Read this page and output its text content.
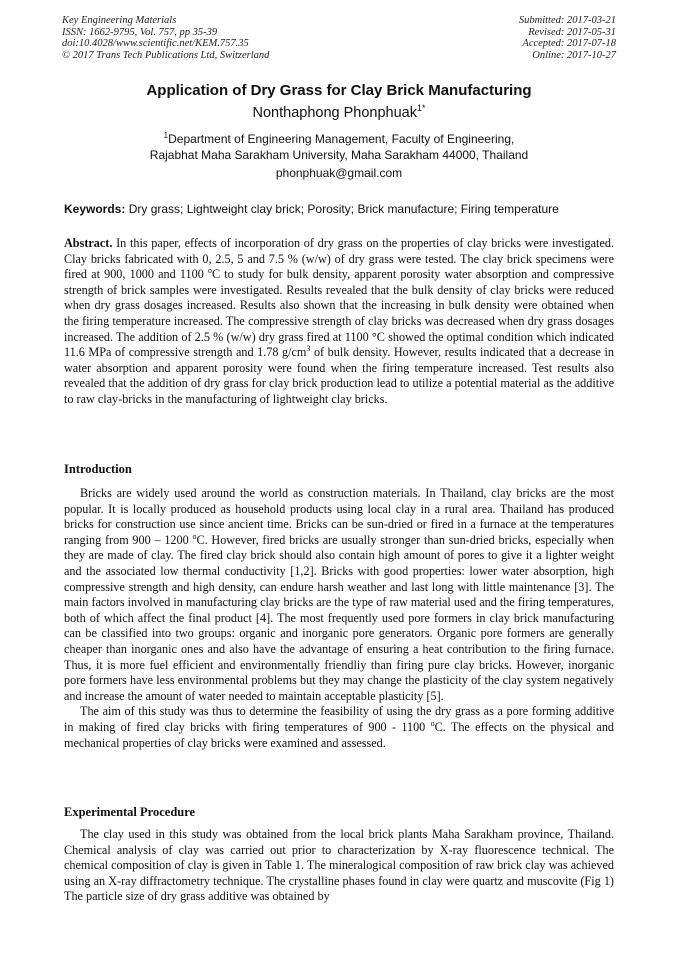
Key Engineering Materials
ISSN: 1662-9795, Vol. 757, pp 35-39
doi:10.4028/www.scientific.net/KEM.757.35
© 2017 Trans Tech Publications Ltd, Switzerland
Submitted: 2017-03-21
Revised: 2017-05-31
Accepted: 2017-07-18
Online: 2017-10-27
Application of Dry Grass for Clay Brick Manufacturing
Nonthaphong Phonphuak$^{1*}$
$^1$Department of Engineering Management, Faculty of Engineering,
Rajabhat Maha Sarakham University, Maha Sarakham 44000, Thailand
phonphuak@gmail.com
Keywords: Dry grass; Lightweight clay brick; Porosity; Brick manufacture; Firing temperature

Abstract. In this paper, effects of incorporation of dry grass on the properties of clay bricks were investigated. Clay bricks fabricated with 0, 2.5, 5 and 7.5 % (w/w) of dry grass were tested. The clay brick specimens were fired at 900, 1000 and 1100 $^o$C to study for bulk density, apparent porosity water absorption and compressive strength of brick samples were investigated. Results revealed that the bulk density of clay bricks were reduced when dry grass dosages increased. Results also shown that the increasing in bulk density were obtained when the firing temperature increased. The compressive strength of clay bricks was decreased when dry grass dosages increased. The addition of 2.5 % (w/w) dry grass fired at 1100 °C showed the optimal condition which indicated 11.6 MPa of compressive strength and 1.78 $g/cm^3$ of bulk density. However, results indicated that a decrease in water absorption and apparent porosity were found when the firing temperature increased. Test results also revealed that the addition of dry grass for clay brick production lead to utilize a potential material as the additive to raw clay-bricks in the manufacturing of lightweight clay bricks.

Introduction

Bricks are widely used around the world as construction materials. In Thailand, clay bricks are the most popular. It is locally produced as household products using local clay in a rural area. Thailand has produced bricks for construction use since ancient time. Bricks can be sun-dried or fired in a furnace at the temperatures ranging from 900 – 1200 $^o$C. However, fired bricks are usually stronger than sun-dried bricks, especially when they are made of clay. The fired clay brick should also contain high amount of pores to give it a lighter weight and the associated low thermal conductivity [1,2]. Bricks with good properties: lower water absorption, high compressive strength and high density, can endure harsh weather and last long with little maintenance [3]. The main factors involved in manufacturing clay bricks are the type of raw material used and the firing temperatures, both of which affect the final product [4]. The most frequently used pore formers in clay brick manufacturing can be classified into two groups: organic and inorganic pore generators. Organic pore formers are generally cheaper than inorganic ones and also have the advantage of ensuring a heat contribution to the firing furnace. Thus, it is more fuel efficient and environmentally friendliy than firing pure clay bricks. However, inorganic pore formers have less environmental problems but they may change the plasticity of the clay system negatively and increase the amount of water needed to maintain acceptable plasticity [5].

The aim of this study was thus to determine the feasibility of using the dry grass as a pore forming additive in making of fired clay bricks with firing temperatures of 900 - 1100 $^o$C. The effects on the physical and mechanical properties of clay bricks were examined and assessed.

Experimental Procedure

The clay used in this study was obtained from the local brick plants Maha Sarakham province, Thailand. Chemical analysis of clay was carried out prior to characterization by X-ray fluorescence technical. The chemical composition of clay is given in Table 1. The mineralogical composition of raw brick clay was achieved using an X-ray diffractometry technique. The crystalline phases found in clay were quartz and muscovite (Fig 1) The particle size of dry grass additive was obtained by
